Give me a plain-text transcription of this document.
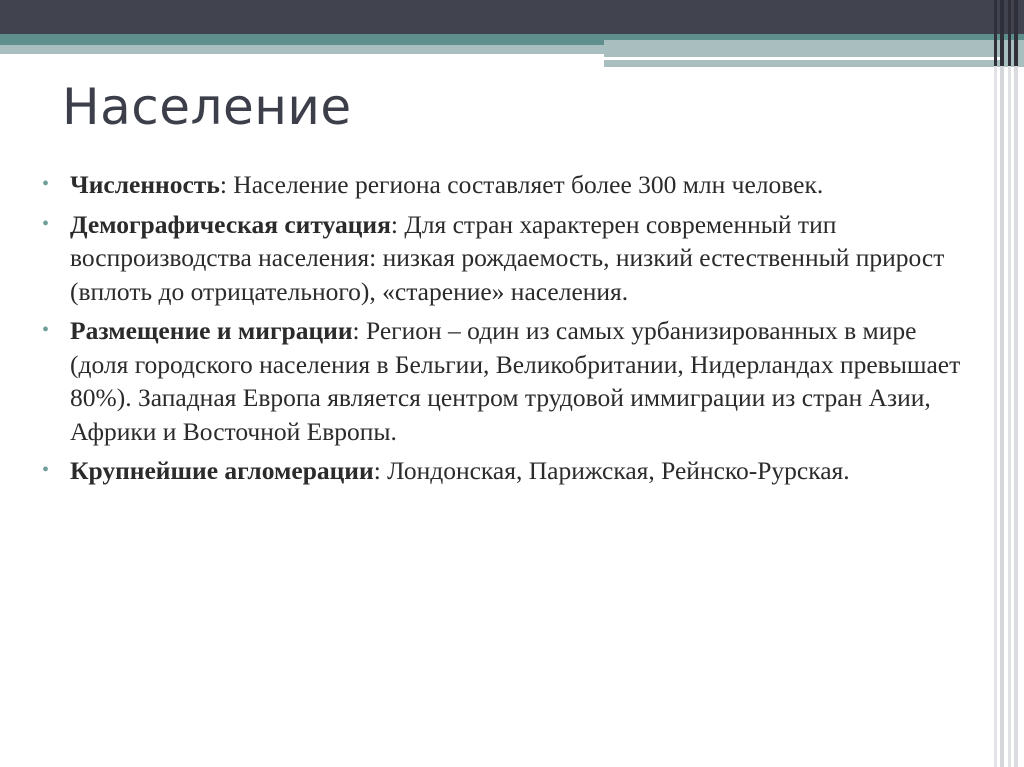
Население
• Численность: Население региона составляет более 300 млн человек.
• Демографическая ситуация: Для стран характерен современный тип воспроизводства населения: низкая рождаемость, низкий естественный прирост (вплоть до отрицательного), «старение» населения.
• Размещение и миграции: Регион – один из самых урбанизированных в мире (доля городского населения в Бельгии, Великобритании, Нидерландах превышает 80%). Западная Европа является центром трудовой иммиграции из стран Азии, Африки и Восточной Европы.
• Крупнейшие агломерации: Лондонская, Парижская, Рейнско-Рурская.
